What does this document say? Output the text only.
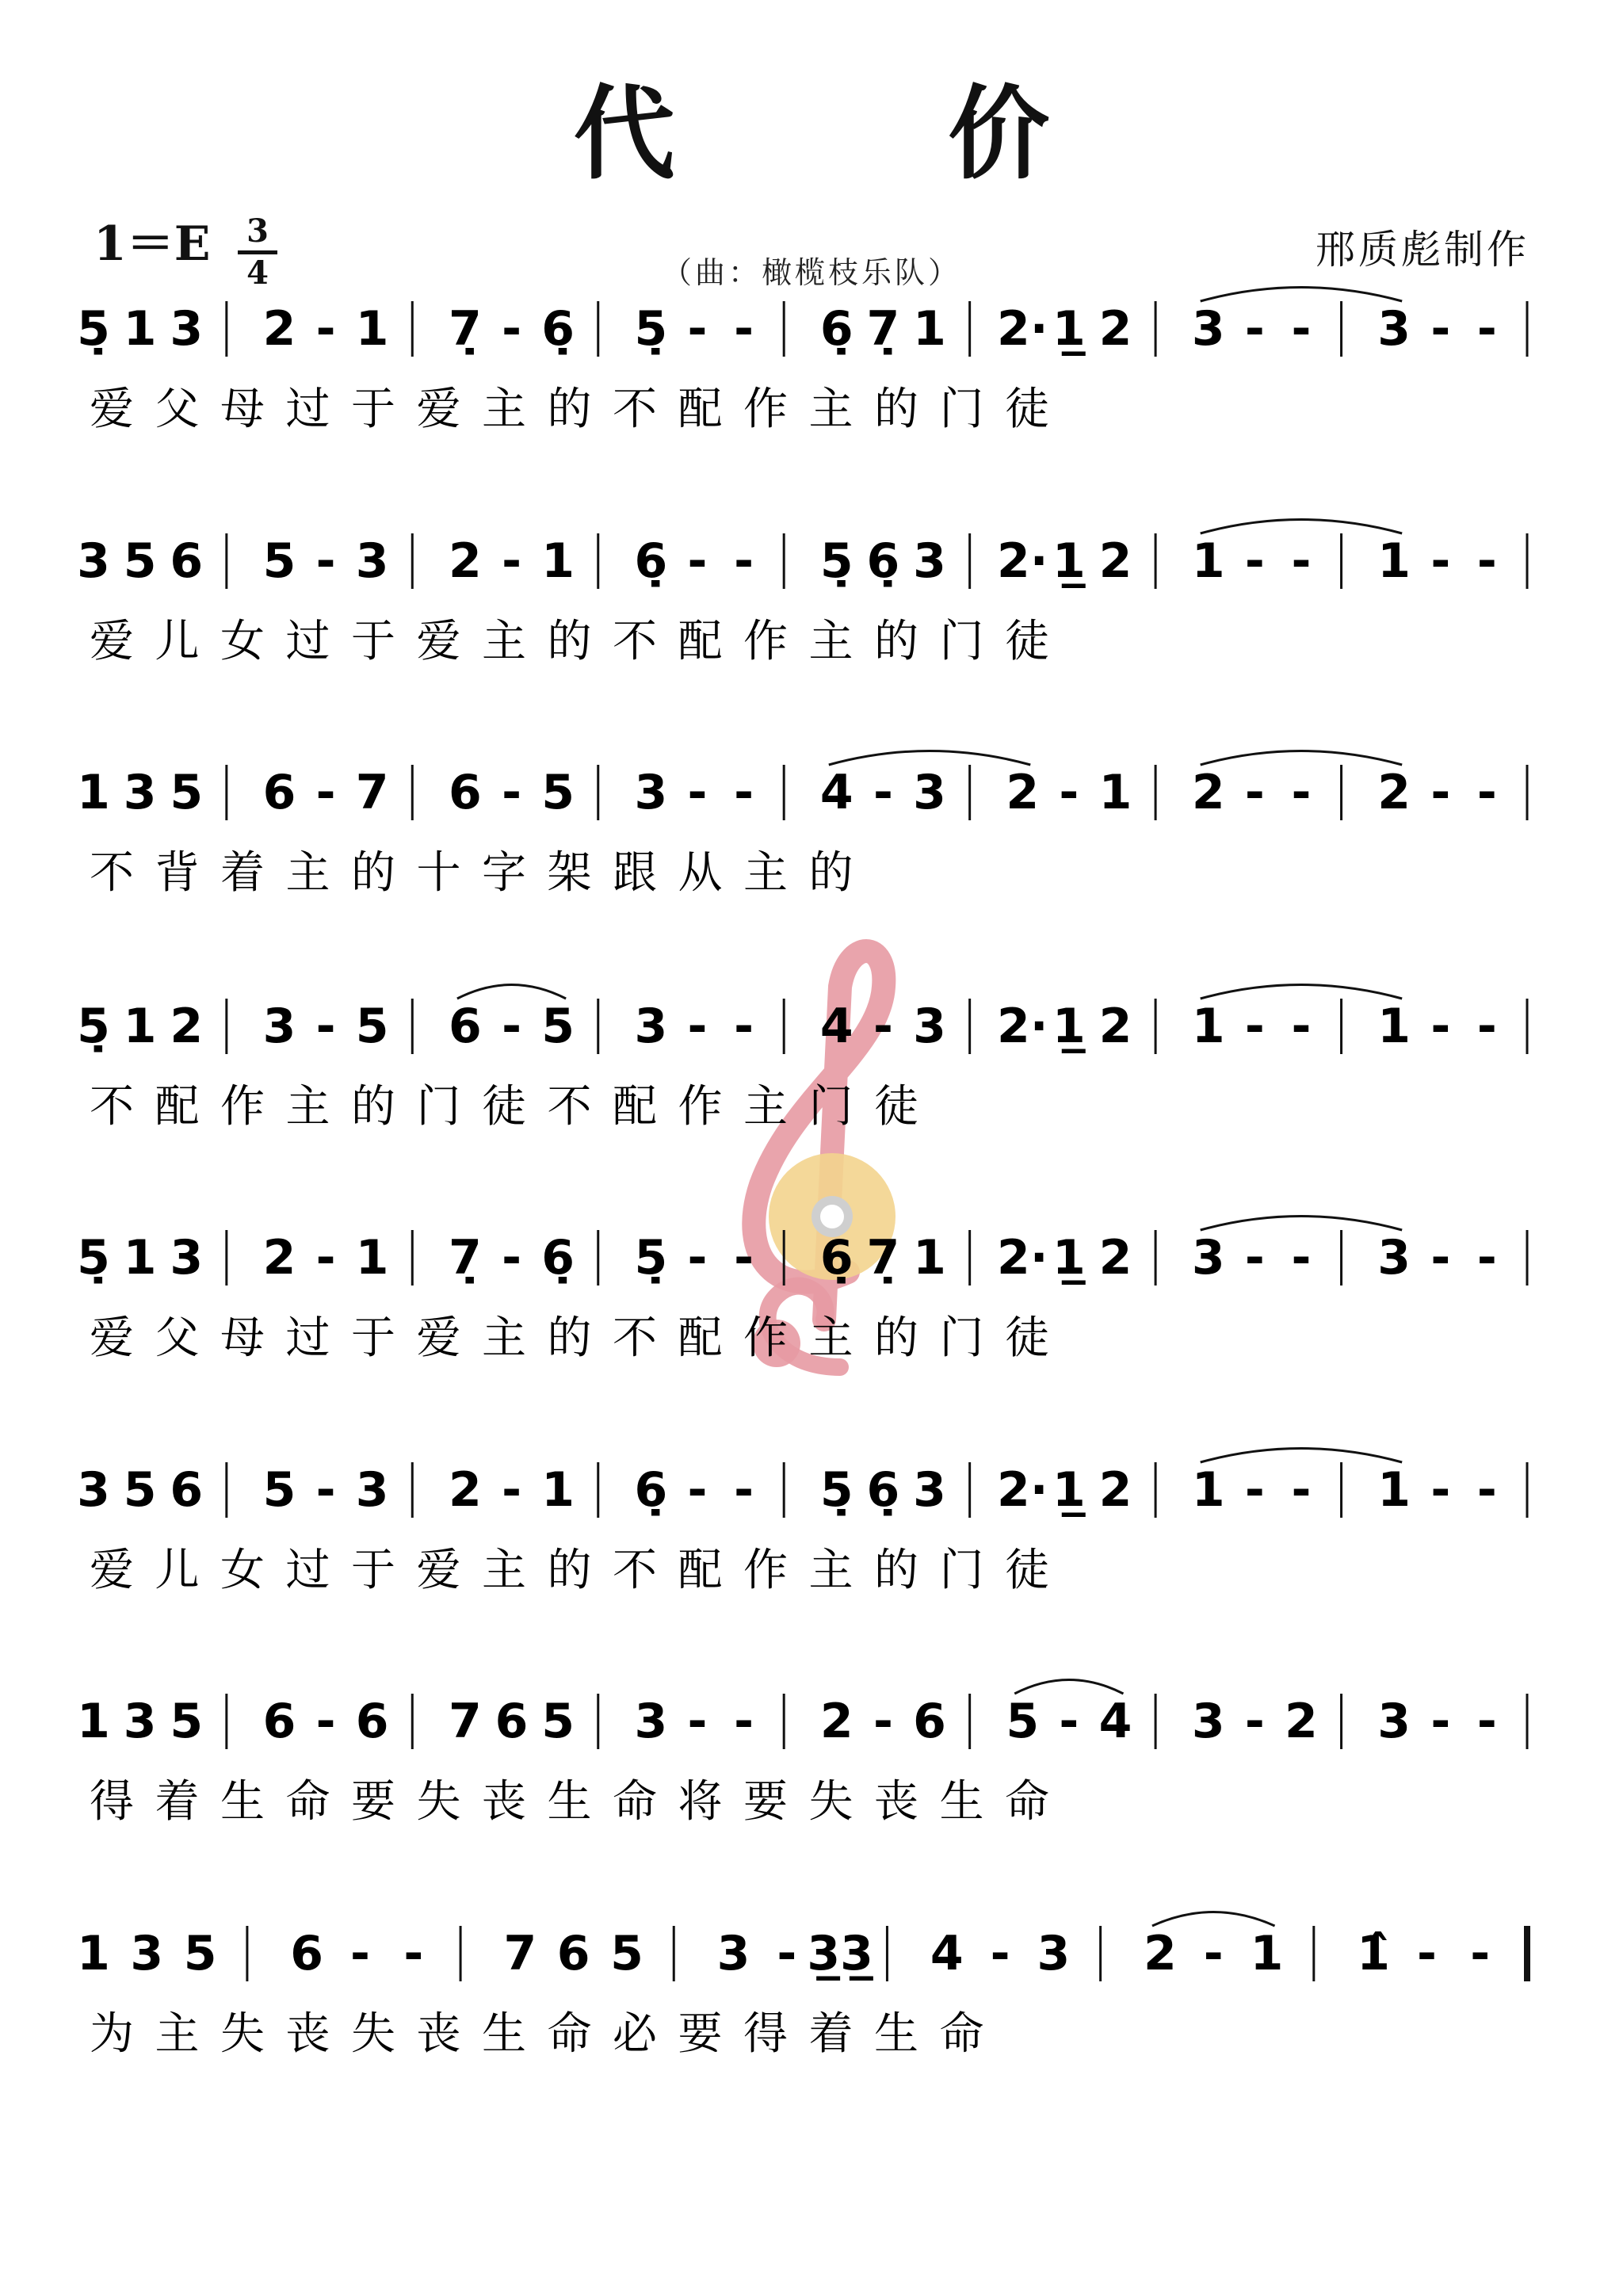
代 价
1＝E 3
4	（曲：橄榄枝乐队）	邢质彪制作
5̣ 1 3 2 - 1 7̣ - 6̣ 5̣ - - 6̣ 7̣ 1 2· 1̲ 2 3 - - 3 - -
爱 父 母 过 于 爱 主 的 不 配 作 主 的 门 徒
3 5 6 5 - 3 2 - 1 6̣ - - 5̣ 6̣ 3 2· 1̲ 2 1 - - 1 - -
爱 儿 女 过 于 爱 主 的 不 配 作 主 的 门 徒
1 3 5 6 - 7 6 - 5 3 - - 4 - 3 2 - 1 2 - - 2 - -
不 背 着 主 的 十 字 架 跟 从 主 的
5̣ 1 2 3 - 5 6 - 5 3 - - 4 - 3 2· 1̲ 2 1 - - 1 - -
不 配 作 主 的 门 徒 不 配 作 主 门 徒
5̣ 1 3 2 - 1 7̣ - 6̣ 5̣ - - 6̣ 7̣ 1 2· 1̲ 2 3 - - 3 - -
爱 父 母 过 于 爱 主 的 不 配 作 主 的 门 徒
3 5 6 5 - 3 2 - 1 6̣ - - 5̣ 6̣ 3 2· 1̲ 2 1 - - 1 - -
爱 儿 女 过 于 爱 主 的 不 配 作 主 的 门 徒
1 3 5 6 - 6 7 6 5 3 - - 2 - 6 5 - 4 3 - 2 3 - -
得 着 生 命 要 失 丧 生 命 将 要 失 丧 生 命
1 3 5 6 - - 7 6 5 3 - 3̲3̲ 4 - 3 2 - 1 1̂ - -
为 主 失 丧 失 丧 生 命 必 要 得 着 生 命
